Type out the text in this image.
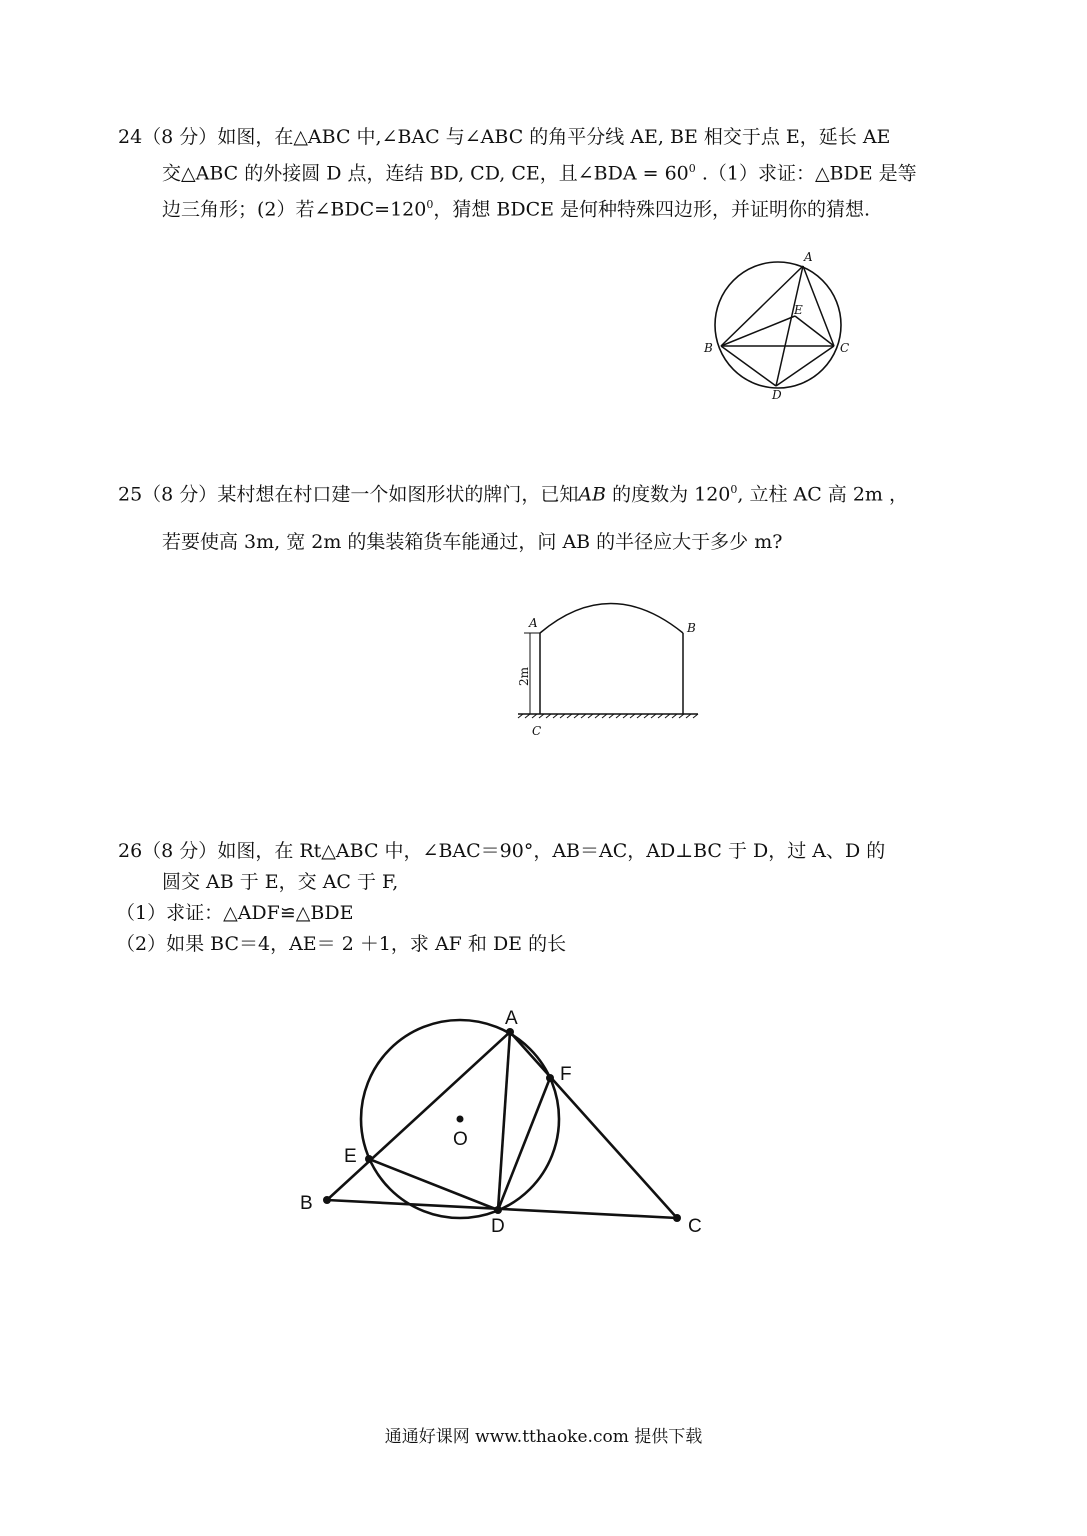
24（8 分）如图，在△ABC 中,∠BAC 与∠ABC 的角平分线 AE, BE 相交于点 E，延长 AE

交△ABC 的外接圆 D 点，连结 BD, CD, CE，且∠BDA = $60^0$ .（1）求证：△BDE 是等

边三角形；(2）若$\angle BDC=120^0$，猜想 BDCE 是何种特殊四边形，并证明你的猜想.

A
B	C
D
E

25（8 分）某村想在村口建一个如图形状的牌门，已知AB 的度数为 $120^0$, 立柱 AC 高 2m ，

若要使高 3m, 宽 2m 的集装箱货车能通过，问 AB 的半径应大于多少 m?

2m
A	B
C

26（8 分）如图，在 Rt△ABC 中，∠BAC＝90°，AB＝AC，AD⊥BC 于 D，过 A、D 的

圆交 AB 于 E，交 AC 于 F,

（1）求证：△ADF≌△BDE

（2）如果 BC＝4，AE＝ 2 ＋1，求 AF 和 DE 的长

A
B
C
D
E
F
O
通通好课网 www.tthaoke.com 提供下载
